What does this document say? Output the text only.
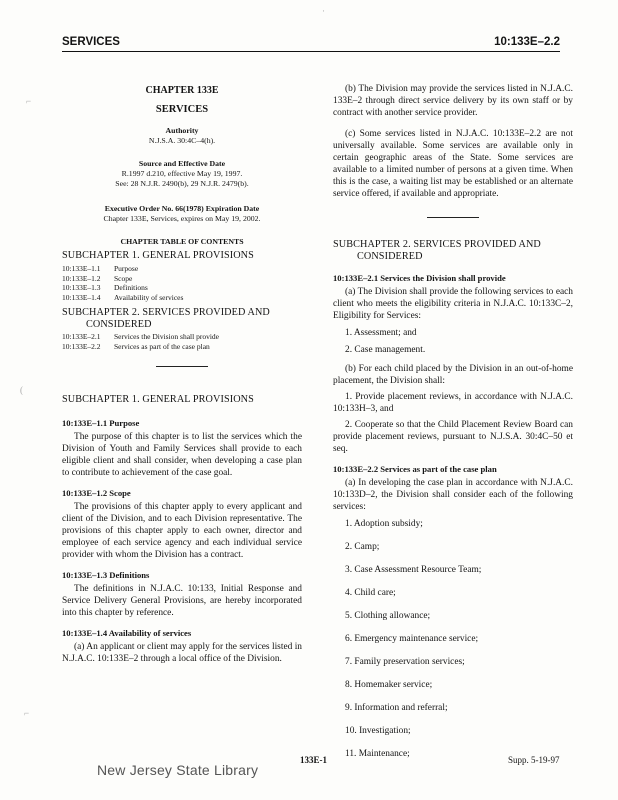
SERVICES	10:133E–2.2
·
⌐
(
⌐
CHAPTER 133E
SERVICES
Authority
N.J.S.A. 30:4C–4(h).
Source and Effective Date
R.1997 d.210, effective May 19, 1997.
See: 28 N.J.R. 2490(b), 29 N.J.R. 2479(b).
Executive Order No. 66(1978) Expiration Date
Chapter 133E, Services, expires on May 19, 2002.
CHAPTER TABLE OF CONTENTS
SUBCHAPTER 1. GENERAL PROVISIONS
10:133E–1.1 Purpose
10:133E–1.2 Scope
10:133E–1.3 Definitions
10:133E–1.4 Availability of services
SUBCHAPTER 2. SERVICES PROVIDED AND
CONSIDERED
10:133E–2.1 Services the Division shall provide
10:133E–2.2 Services as part of the case plan
SUBCHAPTER 1. GENERAL PROVISIONS
10:133E–1.1 Purpose

The purpose of this chapter is to list the services which the Division of Youth and Family Services shall provide to each eligible client and shall consider, when developing a case plan to contribute to achievement of the case goal.

10:133E–1.2 Scope

The provisions of this chapter apply to every applicant and client of the Division, and to each Division representative. The provisions of this chapter apply to each owner, director and employee of each service agency and each individual service provider with whom the Division has a contract.

10:133E–1.3 Definitions

The definitions in N.J.A.C. 10:133, Initial Response and Service Delivery General Provisions, are hereby incorporated into this chapter by reference.

10:133E–1.4 Availability of services

(a) An applicant or client may apply for the services listed in N.J.A.C. 10:133E–2 through a local office of the Division.

(b) The Division may provide the services listed in N.J.A.C. 133E–2 through direct service delivery by its own staff or by contract with another service provider.

(c) Some services listed in N.J.A.C. 10:133E–2.2 are not universally available. Some services are available only in certain geographic areas of the State. Some services are available to a limited number of persons at a given time. When this is the case, a waiting list may be established or an alternate service offered, if available and appropriate.

SUBCHAPTER 2. SERVICES PROVIDED AND
CONSIDERED
10:133E–2.1 Services the Division shall provide

(a) The Division shall provide the following services to each client who meets the eligibility criteria in N.J.A.C. 10:133C–2, Eligibility for Services:

1. Assessment; and
2. Case management.

(b) For each child placed by the Division in an out-of-home placement, the Division shall:

1. Provide placement reviews, in accordance with N.J.A.C. 10:133H–3, and

2. Cooperate so that the Child Placement Review Board can provide placement reviews, pursuant to N.J.S.A. 30:4C–50 et seq.

10:133E–2.2 Services as part of the case plan

(a) In developing the case plan in accordance with N.J.A.C. 10:133D–2, the Division shall consider each of the following services:

1. Adoption subsidy;
2. Camp;
3. Case Assessment Resource Team;
4. Child care;
5. Clothing allowance;
6. Emergency maintenance service;
7. Family preservation services;
8. Homemaker service;
9. Information and referral;
10. Investigation;
11. Maintenance;
133E-1	Supp. 5-19-97
New Jersey State Library
